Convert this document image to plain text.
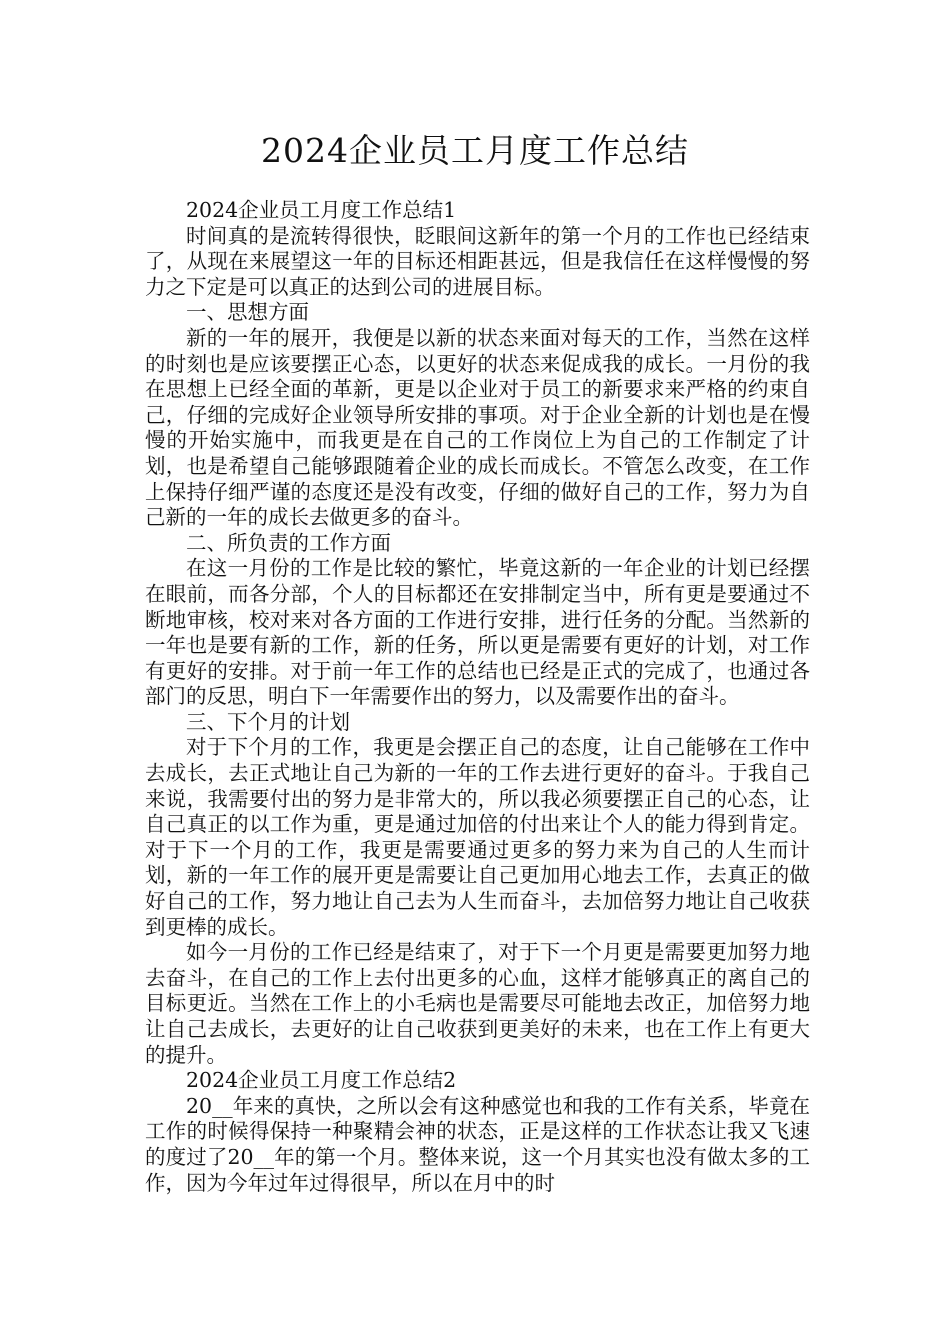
2024企业员工月度工作总结

2024企业员工月度工作总结1

时间真的是流转得很快，眨眼间这新年的第一个月的工作也已经结束了，从现在来展望这一年的目标还相距甚远，但是我信任在这样慢慢的努力之下定是可以真正的达到公司的进展目标。

一、思想方面

新的一年的展开，我便是以新的状态来面对每天的工作，当然在这样的时刻也是应该要摆正心态，以更好的状态来促成我的成长。一月份的我在思想上已经全面的革新，更是以企业对于员工的新要求来严格的约束自己，仔细的完成好企业领导所安排的事项。对于企业全新的计划也是在慢慢的开始实施中，而我更是在自己的工作岗位上为自己的工作制定了计划，也是希望自己能够跟随着企业的成长而成长。不管怎么改变，在工作上保持仔细严谨的态度还是没有改变，仔细的做好自己的工作，努力为自己新的一年的成长去做更多的奋斗。

二、所负责的工作方面

在这一月份的工作是比较的繁忙，毕竟这新的一年企业的计划已经摆在眼前，而各分部，个人的目标都还在安排制定当中，所有更是要通过不断地审核，校对来对各方面的工作进行安排，进行任务的分配。当然新的一年也是要有新的工作，新的任务，所以更是需要有更好的计划，对工作有更好的安排。对于前一年工作的总结也已经是正式的完成了，也通过各部门的反思，明白下一年需要作出的努力，以及需要作出的奋斗。

三、下个月的计划

对于下个月的工作，我更是会摆正自己的态度，让自己能够在工作中去成长，去正式地让自己为新的一年的工作去进行更好的奋斗。于我自己来说，我需要付出的努力是非常大的，所以我必须要摆正自己的心态，让自己真正的以工作为重，更是通过加倍的付出来让个人的能力得到肯定。对于下一个月的工作，我更是需要通过更多的努力来为自己的人生而计划，新的一年工作的展开更是需要让自己更加用心地去工作，去真正的做好自己的工作，努力地让自己去为人生而奋斗，去加倍努力地让自己收获到更棒的成长。

如今一月份的工作已经是结束了，对于下一个月更是需要更加努力地去奋斗，在自己的工作上去付出更多的心血，这样才能够真正的离自己的目标更近。当然在工作上的小毛病也是需要尽可能地去改正，加倍努力地让自己去成长，去更好的让自己收获到更美好的未来，也在工作上有更大的提升。

2024企业员工月度工作总结2

20__年来的真快，之所以会有这种感觉也和我的工作有关系，毕竟在工作的时候得保持一种聚精会神的状态，正是这样的工作状态让我又飞速的度过了20__年的第一个月。整体来说，这一个月其实也没有做太多的工作，因为今年过年过得很早，所以在月中的时
